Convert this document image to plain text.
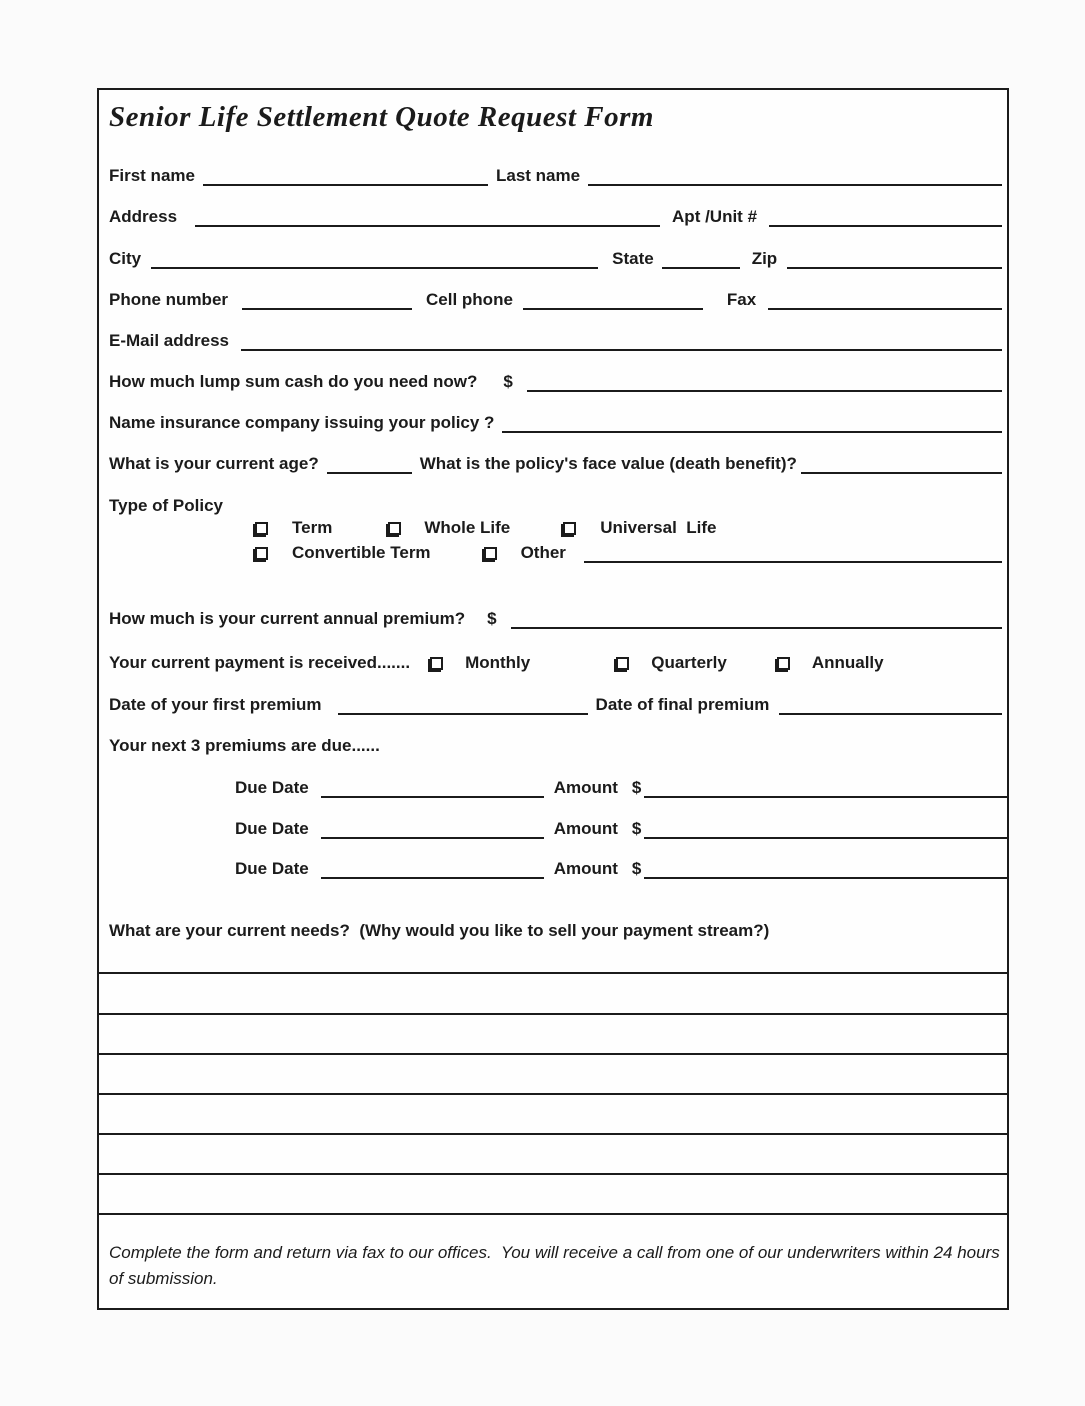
Senior Life Settlement Quote Request Form
First name	Last name
Address	Apt /Unit #
City	State	Zip
Phone number	Cell phone	Fax
E-Mail address
How much lump sum cash do you need now? $
Name insurance company issuing your policy ?
What is your current age?	What is the policy's face value (death benefit)?
Type of Policy
Term	Whole Life	Universal  Life
Convertible Term	Other
How much is your current annual premium? $
Your current payment is received.......	Monthly	Quarterly	Annually
Date of your first premium	Date of final premium
Your next 3 premiums are due......
Due Date	Amount $
Due Date	Amount $
Due Date	Amount $
What are your current needs?  (Why would you like to sell your payment stream?)
Complete the form and return via fax to our offices.  You will receive a call from one of our underwriters within 24 hours of submission.
